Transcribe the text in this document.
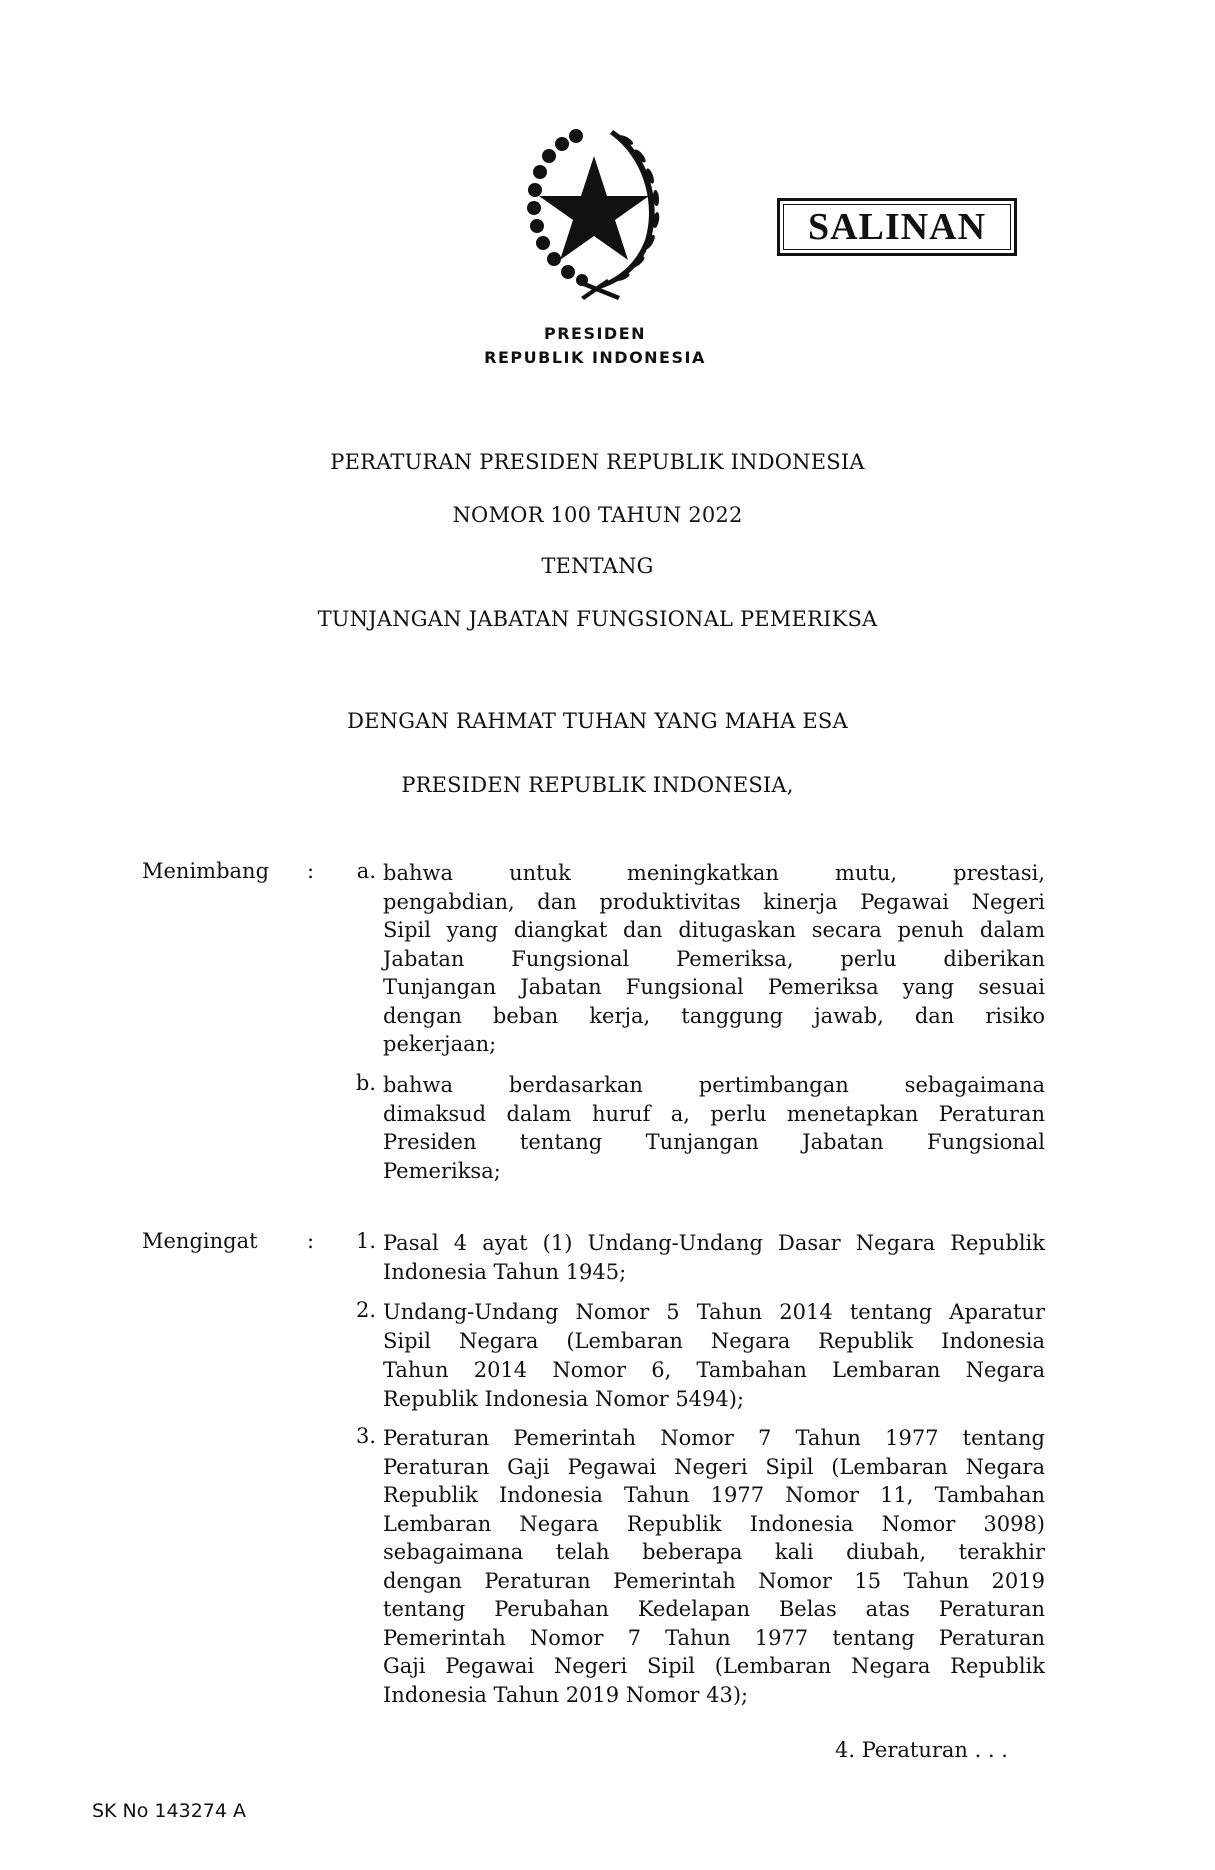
SALINAN
PRESIDEN
REPUBLIK INDONESIA
PERATURAN PRESIDEN REPUBLIK INDONESIA
NOMOR 100 TAHUN 2022
TENTANG
TUNJANGAN JABATAN FUNGSIONAL PEMERIKSA
DENGAN RAHMAT TUHAN YANG MAHA ESA
PRESIDEN REPUBLIK INDONESIA,
Menimbang :	a. bahwa untuk meningkatkan mutu, prestasi,
pengabdian, dan produktivitas kinerja Pegawai Negeri
Sipil yang diangkat dan ditugaskan secara penuh dalam
Jabatan Fungsional Pemeriksa, perlu diberikan
Tunjangan Jabatan Fungsional Pemeriksa yang sesuai
dengan beban kerja, tanggung jawab, dan risiko
pekerjaan;
b. bahwa berdasarkan pertimbangan sebagaimana
dimaksud dalam huruf a, perlu menetapkan Peraturan
Presiden tentang Tunjangan Jabatan Fungsional
Pemeriksa;
Mengingat :	1. Pasal 4 ayat (1) Undang-Undang Dasar Negara Republik
Indonesia Tahun 1945;
2. Undang-Undang Nomor 5 Tahun 2014 tentang Aparatur
Sipil Negara (Lembaran Negara Republik Indonesia
Tahun 2014 Nomor 6, Tambahan Lembaran Negara
Republik Indonesia Nomor 5494);
3. Peraturan Pemerintah Nomor 7 Tahun 1977 tentang
Peraturan Gaji Pegawai Negeri Sipil (Lembaran Negara
Republik Indonesia Tahun 1977 Nomor 11, Tambahan
Lembaran Negara Republik Indonesia Nomor 3098)
sebagaimana telah beberapa kali diubah, terakhir
dengan Peraturan Pemerintah Nomor 15 Tahun 2019
tentang Perubahan Kedelapan Belas atas Peraturan
Pemerintah Nomor 7 Tahun 1977 tentang Peraturan
Gaji Pegawai Negeri Sipil (Lembaran Negara Republik
Indonesia Tahun 2019 Nomor 43);
4. Peraturan . . .
SK No 143274 A
